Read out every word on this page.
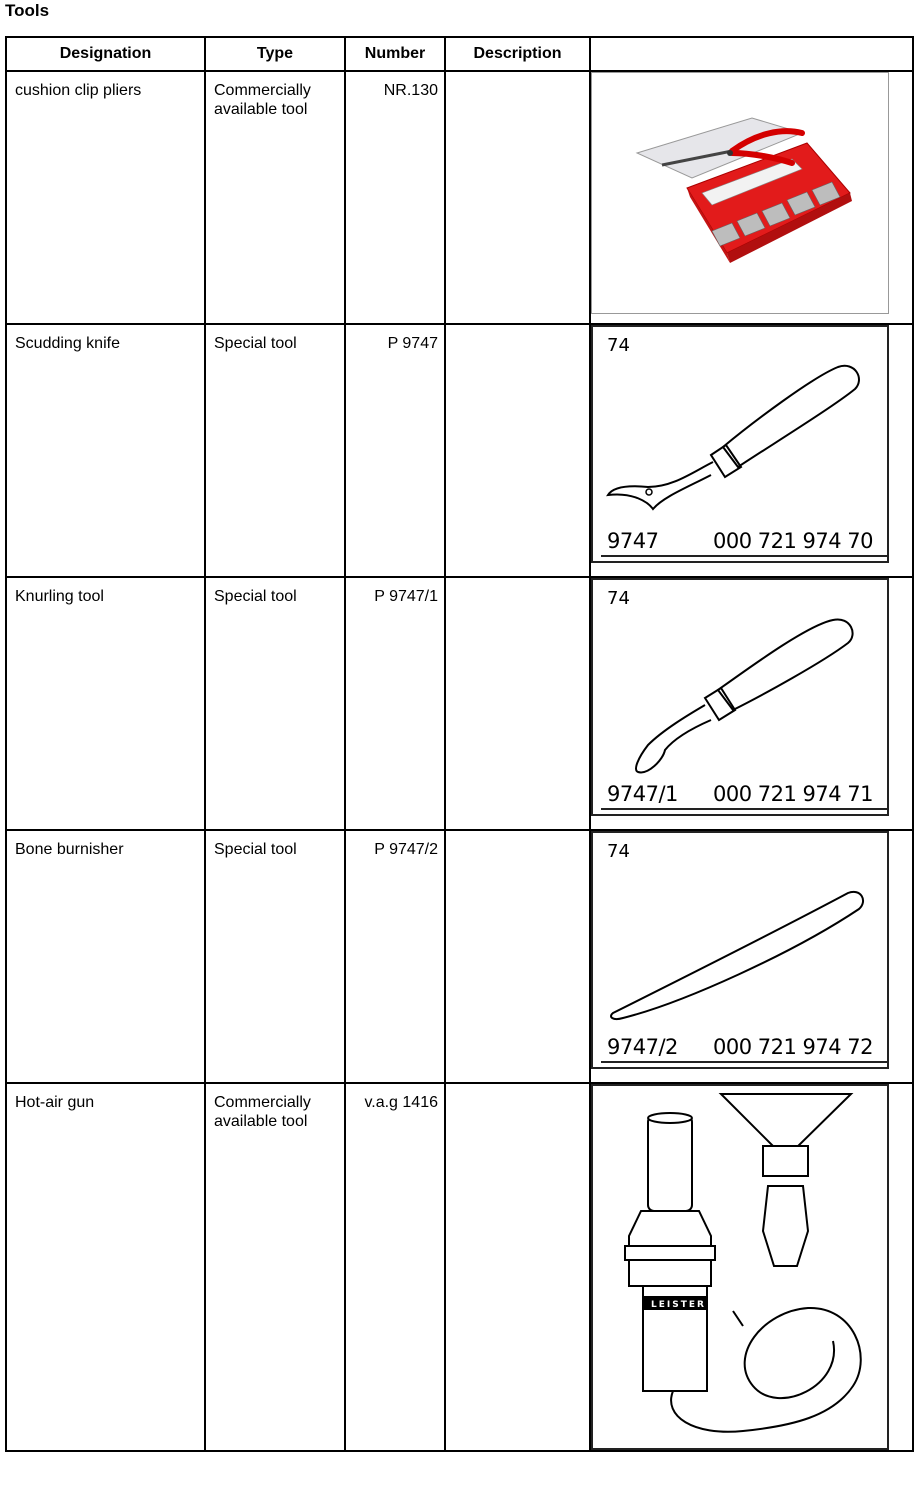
Tools
Designation	Type	Number	Description	

cushion clip pliers	Commercially available tool	NR.130

Scudding knife	Special tool	P 9747		74
9747 000 721 974 70

Knurling tool	Special tool	P 9747/1		74
9747/1 000 721 974 71

Bone burnisher	Special tool	P 9747/2		74
9747/2 000 721 974 72

Hot-air gun	Commercially available tool	v.a.g 1416		LEISTER
